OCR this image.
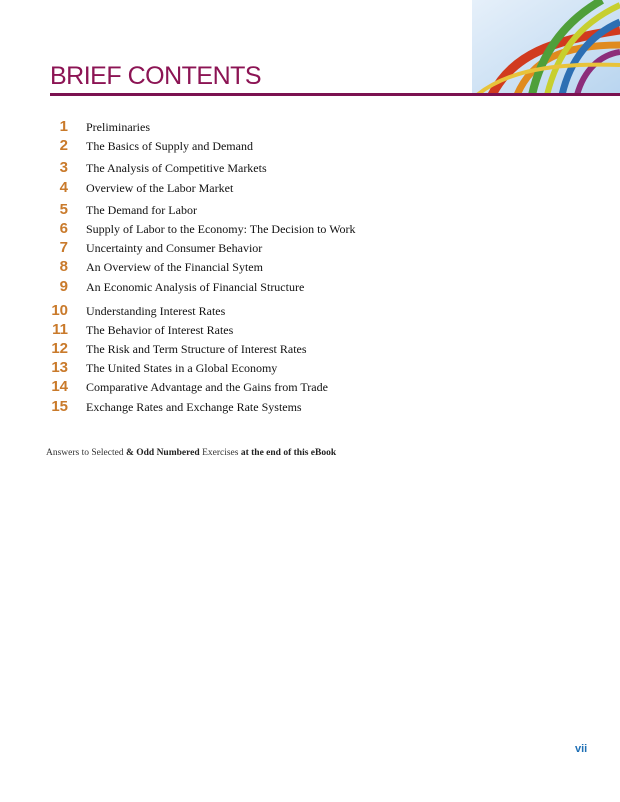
BRIEF CONTENTS
1 Preliminaries
2 The Basics of Supply and Demand
3 The Analysis of Competitive Markets
4 Overview of the Labor Market
5 The Demand for Labor
6 Supply of Labor to the Economy: The Decision to Work
7 Uncertainty and Consumer Behavior
8 An Overview of the Financial Sytem
9 An Economic Analysis of Financial Structure
10 Understanding Interest Rates
11 The Behavior of Interest Rates
12 The Risk and Term Structure of Interest Rates
13 The United States in a Global Economy
14 Comparative Advantage and the Gains from Trade
15 Exchange Rates and Exchange Rate Systems
Answers to Selected & Odd Numbered Exercises at the end of this eBook
vii
